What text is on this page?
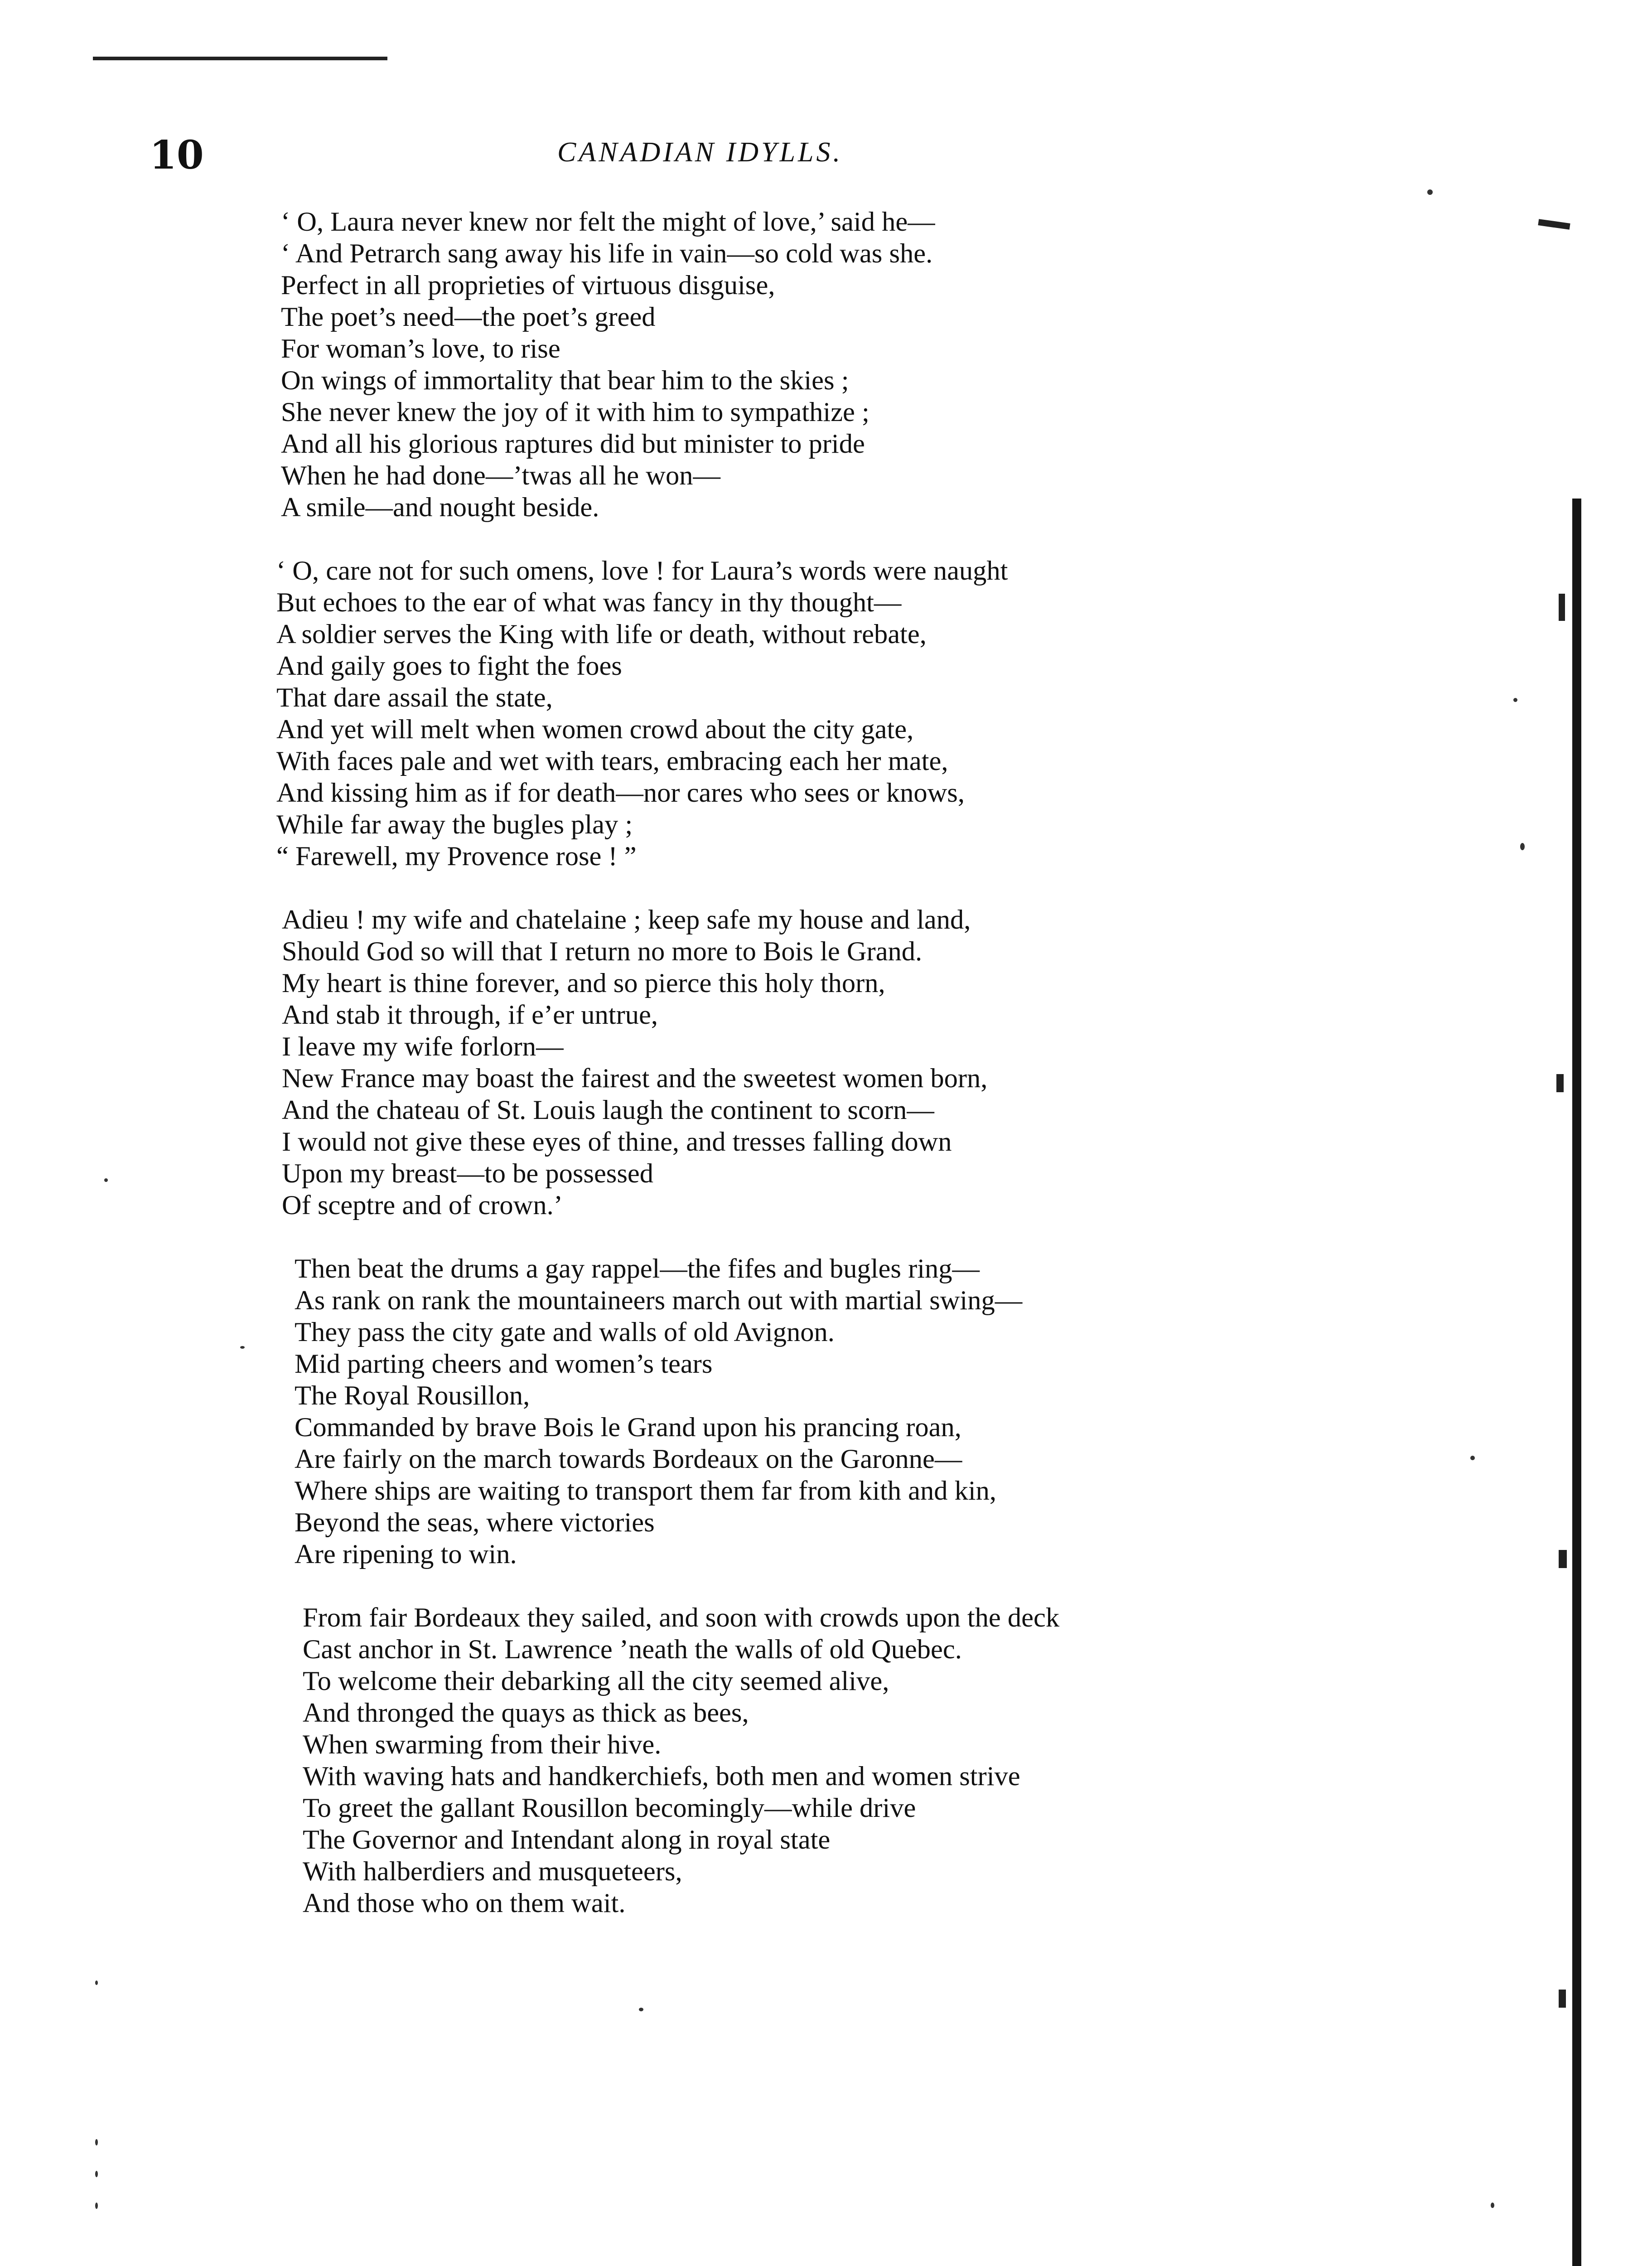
10	CANADIAN IDYLLS.
‘ O, Laura never knew nor felt the might of love,’ said he—
‘ And Petrarch sang away his life in vain—so cold was she.
Perfect in all proprieties of virtuous disguise,
The poet’s need—the poet’s greed
For woman’s love, to rise
On wings of immortality that bear him to the skies ;
She never knew the joy of it with him to sympathize ;
And all his glorious raptures did but minister to pride
When he had done—’twas all he won—
A smile—and nought beside.
‘ O, care not for such omens, love ! for Laura’s words were naught
But echoes to the ear of what was fancy in thy thought—
A soldier serves the King with life or death, without rebate,
And gaily goes to fight the foes
That dare assail the state,
And yet will melt when women crowd about the city gate,
With faces pale and wet with tears, embracing each her mate,
And kissing him as if for death—nor cares who sees or knows,
While far away the bugles play ;
“ Farewell, my Provence rose ! ”
Adieu ! my wife and chatelaine ; keep safe my house and land,
Should God so will that I return no more to Bois le Grand.
My heart is thine forever, and so pierce this holy thorn,
And stab it through, if e’er untrue,
I leave my wife forlorn—
New France may boast the fairest and the sweetest women born,
And the chateau of St. Louis laugh the continent to scorn—
I would not give these eyes of thine, and tresses falling down
Upon my breast—to be possessed
Of sceptre and of crown.’
Then beat the drums a gay rappel—the fifes and bugles ring—
As rank on rank the mountaineers march out with martial swing—
They pass the city gate and walls of old Avignon.
Mid parting cheers and women’s tears
The Royal Rousillon,
Commanded by brave Bois le Grand upon his prancing roan,
Are fairly on the march towards Bordeaux on the Garonne—
Where ships are waiting to transport them far from kith and kin,
Beyond the seas, where victories
Are ripening to win.
From fair Bordeaux they sailed, and soon with crowds upon the deck
Cast anchor in St. Lawrence ’neath the walls of old Quebec.
To welcome their debarking all the city seemed alive,
And thronged the quays as thick as bees,
When swarming from their hive.
With waving hats and handkerchiefs, both men and women strive
To greet the gallant Rousillon becomingly—while drive
The Governor and Intendant along in royal state
With halberdiers and musqueteers,
And those who on them wait.
